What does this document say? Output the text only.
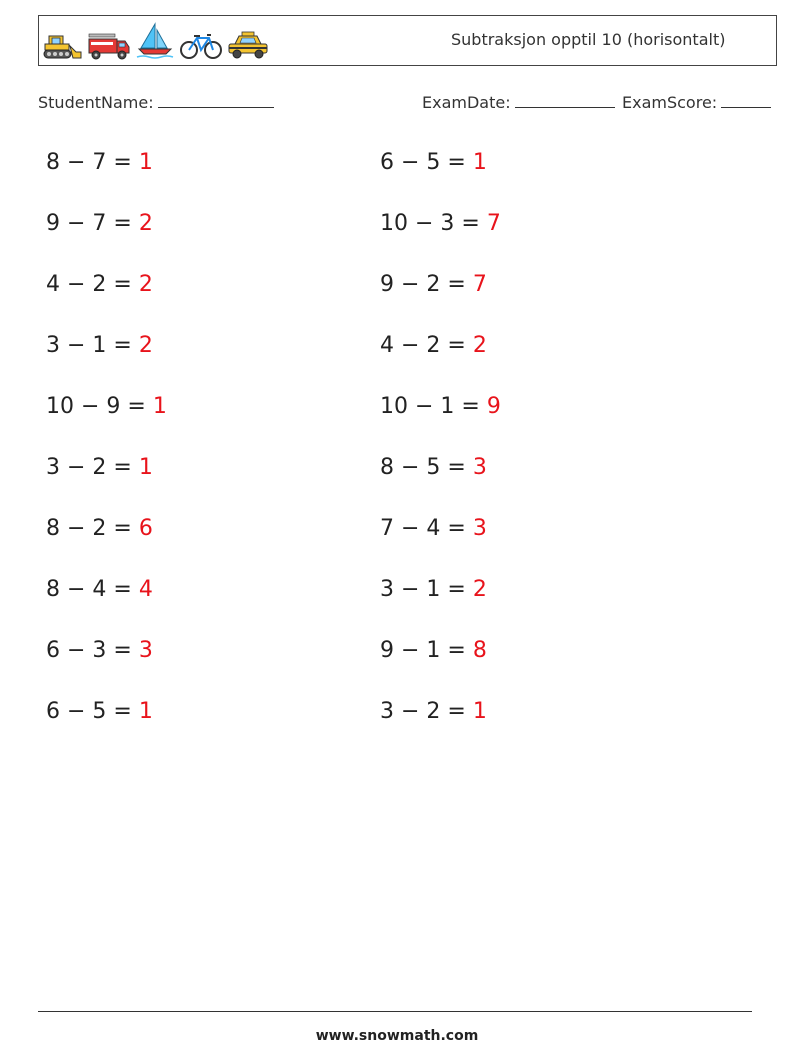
Subtraksjon opptil 10 (horisontalt)
StudentName:	ExamDate:	ExamScore:
8 − 7 = 1
9 − 7 = 2
4 − 2 = 2
3 − 1 = 2
10 − 9 = 1
3 − 2 = 1
8 − 2 = 6
8 − 4 = 4
6 − 3 = 3
6 − 5 = 1
6 − 5 = 1
10 − 3 = 7
9 − 2 = 7
4 − 2 = 2
10 − 1 = 9
8 − 5 = 3
7 − 4 = 3
3 − 1 = 2
9 − 1 = 8
3 − 2 = 1
www.snowmath.com
